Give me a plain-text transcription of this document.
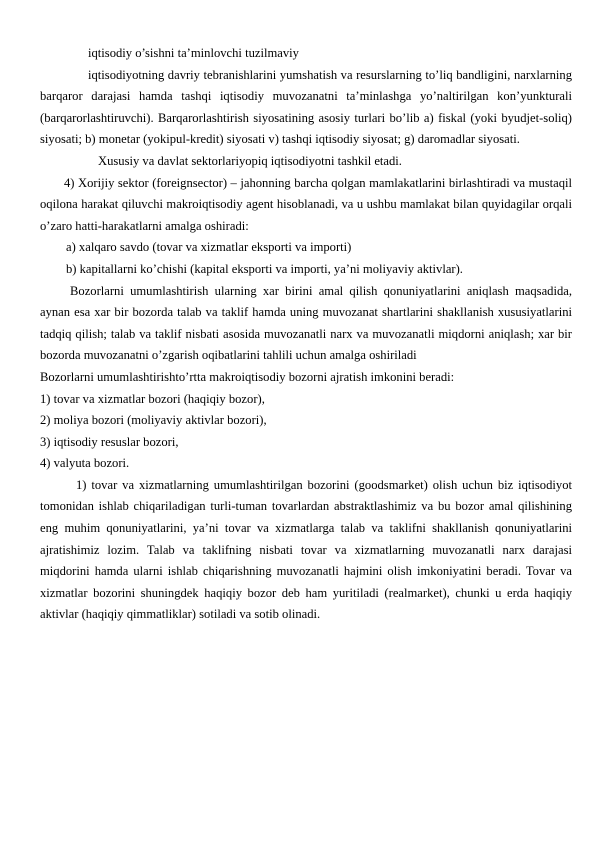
iqtisodiy o’sishni ta’minlovchi tuzilmaviy

iqtisodiyotning davriy tebranishlarini yumshatish va resurslarning to’liq bandligini, narxlarning barqaror darajasi hamda tashqi iqtisodiy muvozanatni ta’minlashga yo’naltirilgan kon’yunkturali (barqarorlashtiruvchi). Barqarorlashtirish siyosatining asosiy turlari bo’lib a) fiskal (yoki byudjet-soliq) siyosati; b) monetar (yokipul-kredit) siyosati v) tashqi iqtisodiy siyosat; g) daromadlar siyosati.

Xususiy va davlat sektorlariyopiq iqtisodiyotni tashkil etadi.

4) Xorijiy sektor (foreignsector) – jahonning barcha qolgan mamlakatlarini birlashtiradi va mustaqil oqilona harakat qiluvchi makroiqtisodiy agent hisoblanadi, va u ushbu mamlakat bilan quyidagilar orqali o’zaro hatti-harakatlarni amalga oshiradi:

a) xalqaro savdo (tovar va xizmatlar eksporti va importi)

b) kapitallarni ko’chishi (kapital eksporti va importi, ya’ni moliyaviy aktivlar).

Bozorlarni umumlashtirish ularning xar birini amal qilish qonuniyatlarini aniqlash maqsadida, aynan esa xar bir bozorda talab va taklif hamda uning muvozanat shartlarini shakllanish xususiyatlarini tadqiq qilish; talab va taklif nisbati asosida muvozanatli narx va muvozanatli miqdorni aniqlash; xar bir bozorda muvozanatni o’zgarish oqibatlarini tahlili uchun amalga oshiriladi

Bozorlarni umumlashtirishto’rtta makroiqtisodiy bozorni ajratish imkonini beradi:

1) tovar va xizmatlar bozori (haqiqiy bozor),

2) moliya bozori (moliyaviy aktivlar bozori),

3) iqtisodiy resuslar bozori,

4) valyuta bozori.

1) tovar va xizmatlarning umumlashtirilgan bozorini (goodsmarket) olish uchun biz iqtisodiyot tomonidan ishlab chiqariladigan turli-tuman tovarlardan abstraktlashimiz va bu bozor amal qilishining eng muhim qonuniyatlarini, ya’ni tovar va xizmatlarga talab va taklifni shakllanish qonuniyatlarini ajratishimiz lozim. Talab va taklifning nisbati tovar va xizmatlarning muvozanatli narx darajasi miqdorini hamda ularni ishlab chiqarishning muvozanatli hajmini olish imkoniyatini beradi. Tovar va xizmatlar bozorini shuningdek haqiqiy bozor deb ham yuritiladi (realmarket), chunki u erda haqiqiy aktivlar (haqiqiy qimmatliklar) sotiladi va sotib olinadi.
